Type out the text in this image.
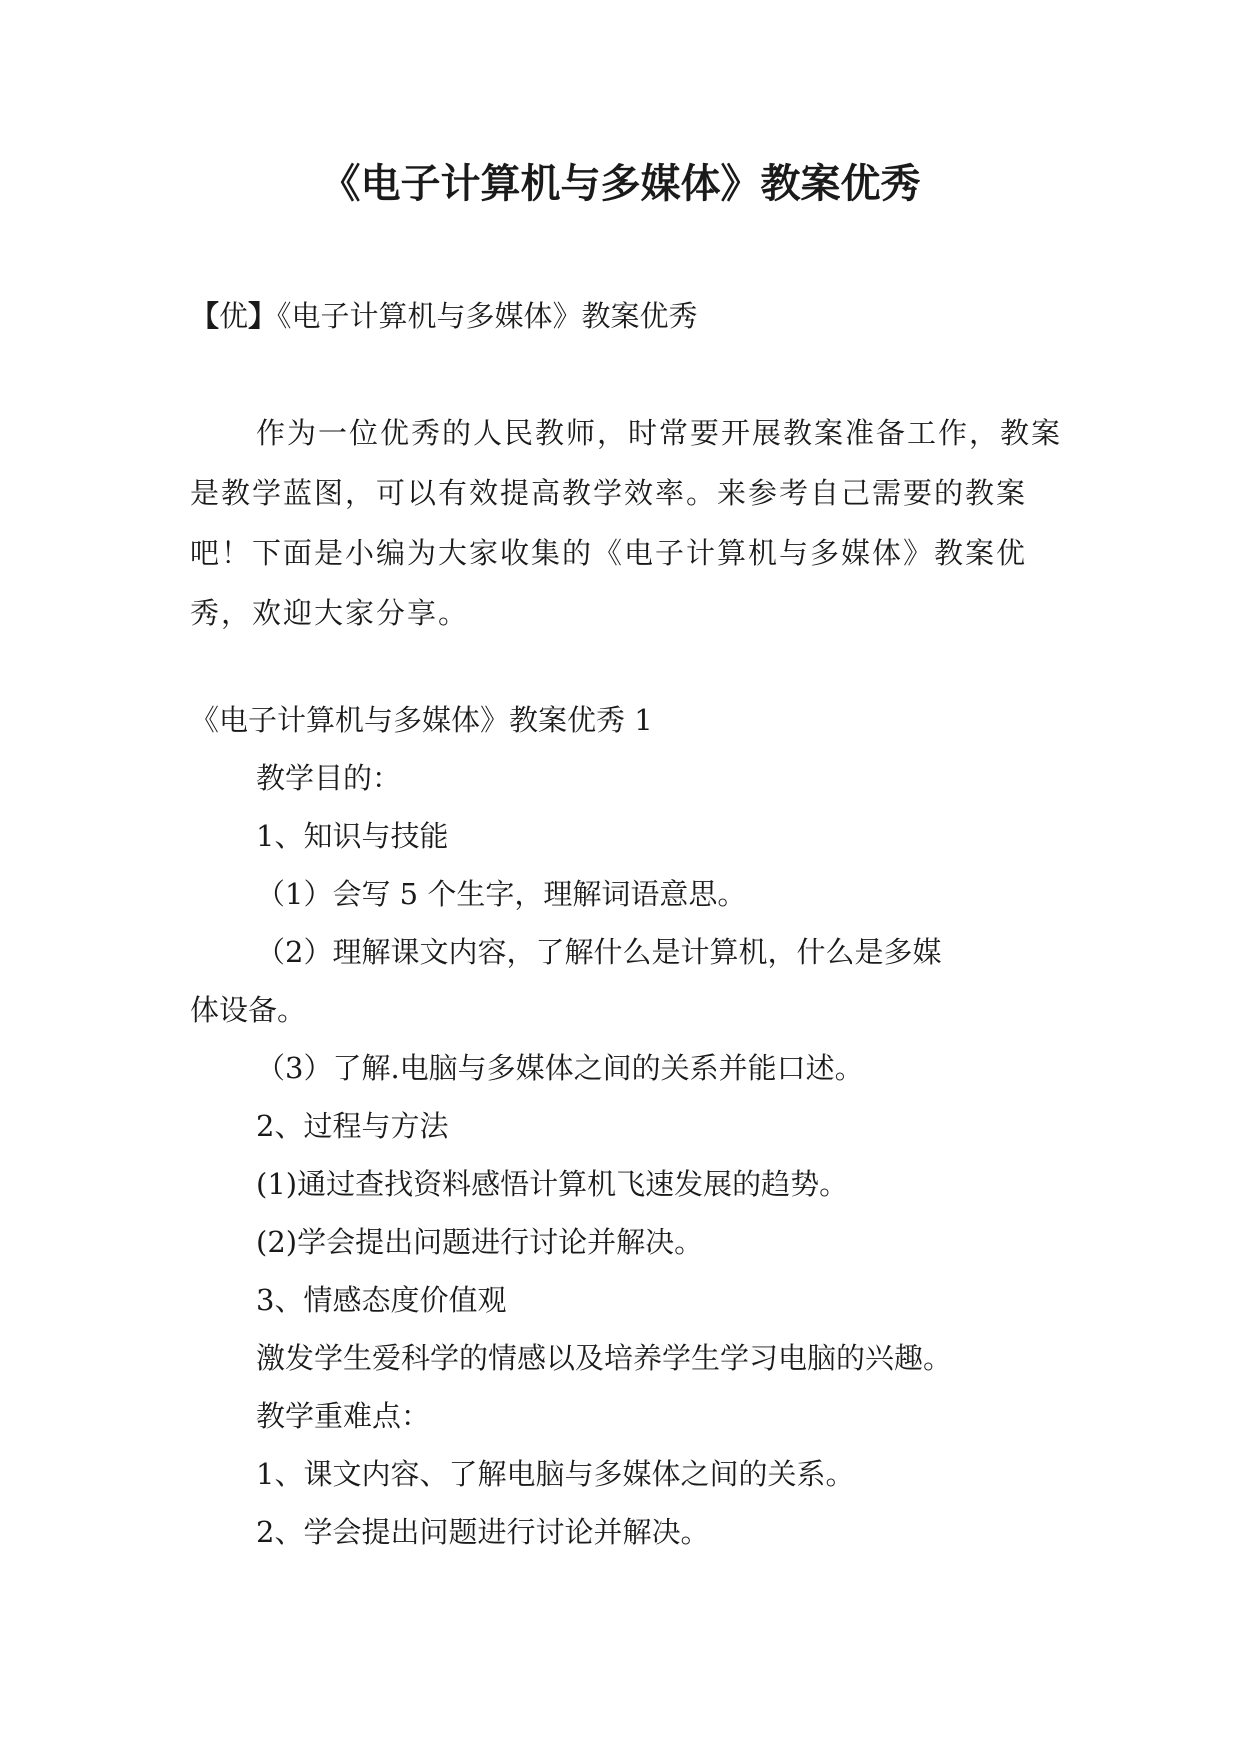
《电子计算机与多媒体》教案优秀

【优】《电子计算机与多媒体》教案优秀

作为一位优秀的人民教师，时常要开展教案准备工作，教案是教学蓝图，可以有效提高教学效率。来参考自己需要的教案吧！下面是小编为大家收集的《电子计算机与多媒体》教案优秀，欢迎大家分享。

《电子计算机与多媒体》教案优秀 1

教学目的：

1、知识与技能

（1）会写 5 个生字，理解词语意思。

（2）理解课文内容，了解什么是计算机，什么是多媒

体设备。

（3）了解.电脑与多媒体之间的关系并能口述。

2、过程与方法

(1)通过查找资料感悟计算机飞速发展的趋势。

(2)学会提出问题进行讨论并解决。

3、情感态度价值观

激发学生爱科学的情感以及培养学生学习电脑的兴趣。

教学重难点：

1、课文内容、了解电脑与多媒体之间的关系。

2、学会提出问题进行讨论并解决。
